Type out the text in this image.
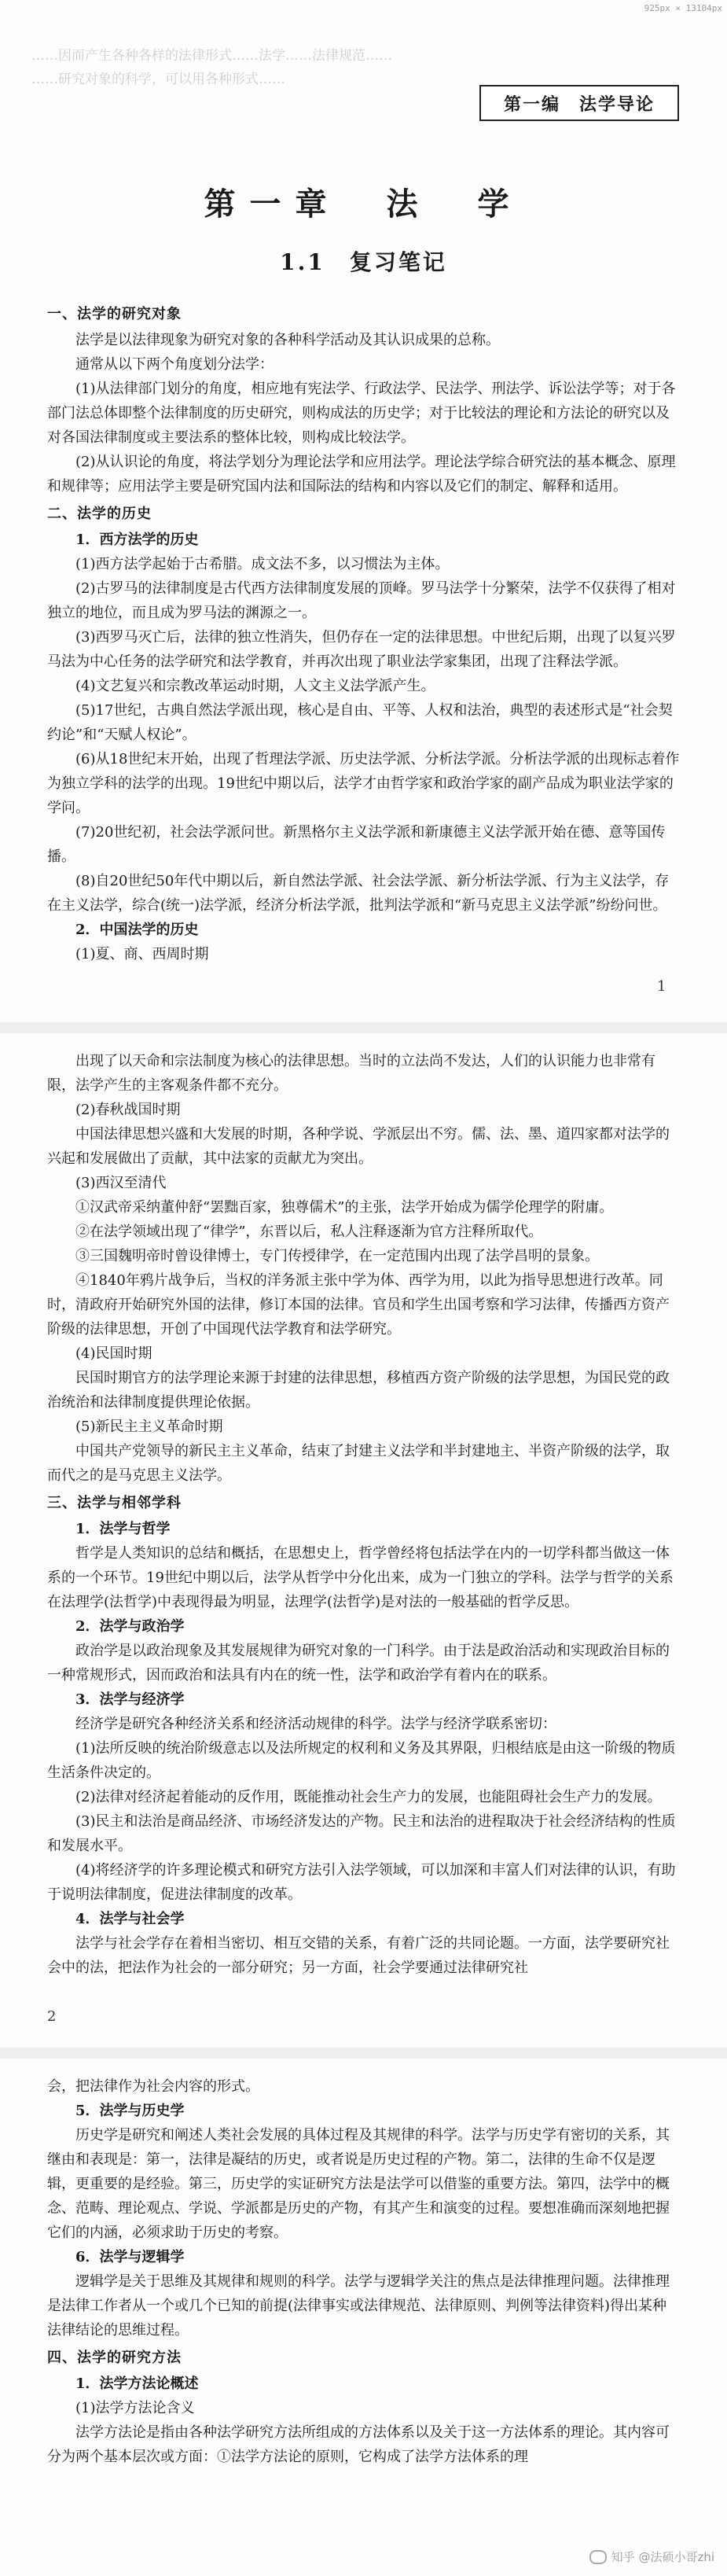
925px × 13104px
……因而产生各种各样的法律形式……法学……法律规范……
……研究对象的科学，可以用各种形式……
第一编　法学导论
第一章　法　学
1.1　复习笔记
一、法学的研究对象

法学是以法律现象为研究对象的各种科学活动及其认识成果的总称。

通常从以下两个角度划分法学：

(1)从法律部门划分的角度，相应地有宪法学、行政法学、民法学、刑法学、诉讼法学等；对于各部门法总体即整个法律制度的历史研究，则构成法的历史学；对于比较法的理论和方法论的研究以及对各国法律制度或主要法系的整体比较，则构成比较法学。

(2)从认识论的角度，将法学划分为理论法学和应用法学。理论法学综合研究法的基本概念、原理和规律等；应用法学主要是研究国内法和国际法的结构和内容以及它们的制定、解释和适用。

二、法学的历史

1．西方法学的历史

(1)西方法学起始于古希腊。成文法不多，以习惯法为主体。

(2)古罗马的法律制度是古代西方法律制度发展的顶峰。罗马法学十分繁荣，法学不仅获得了相对独立的地位，而且成为罗马法的渊源之一。

(3)西罗马灭亡后，法律的独立性消失，但仍存在一定的法律思想。中世纪后期，出现了以复兴罗马法为中心任务的法学研究和法学教育，并再次出现了职业法学家集团，出现了注释法学派。

(4)文艺复兴和宗教改革运动时期，人文主义法学派产生。

(5)17世纪，古典自然法学派出现，核心是自由、平等、人权和法治，典型的表述形式是“社会契约论”和“天赋人权论”。

(6)从18世纪末开始，出现了哲理法学派、历史法学派、分析法学派。分析法学派的出现标志着作为独立学科的法学的出现。19世纪中期以后，法学才由哲学家和政治学家的副产品成为职业法学家的学问。

(7)20世纪初，社会法学派问世。新黑格尔主义法学派和新康德主义法学派开始在德、意等国传播。

(8)自20世纪50年代中期以后，新自然法学派、社会法学派、新分析法学派、行为主义法学，存在主义法学，综合(统一)法学派，经济分析法学派，批判法学派和“新马克思主义法学派”纷纷问世。

2．中国法学的历史

(1)夏、商、西周时期

1

出现了以天命和宗法制度为核心的法律思想。当时的立法尚不发达，人们的认识能力也非常有限，法学产生的主客观条件都不充分。

(2)春秋战国时期

中国法律思想兴盛和大发展的时期，各种学说、学派层出不穷。儒、法、墨、道四家都对法学的兴起和发展做出了贡献，其中法家的贡献尤为突出。

(3)西汉至清代

①汉武帝采纳董仲舒“罢黜百家，独尊儒术”的主张，法学开始成为儒学伦理学的附庸。

②在法学领域出现了“律学”，东晋以后，私人注释逐渐为官方注释所取代。

③三国魏明帝时曾设律博士，专门传授律学，在一定范围内出现了法学昌明的景象。

④1840年鸦片战争后，当权的洋务派主张中学为体、西学为用，以此为指导思想进行改革。同时，清政府开始研究外国的法律，修订本国的法律。官员和学生出国考察和学习法律，传播西方资产阶级的法律思想，开创了中国现代法学教育和法学研究。

(4)民国时期

民国时期官方的法学理论来源于封建的法律思想，移植西方资产阶级的法学思想，为国民党的政治统治和法律制度提供理论依据。

(5)新民主主义革命时期

中国共产党领导的新民主主义革命，结束了封建主义法学和半封建地主、半资产阶级的法学，取而代之的是马克思主义法学。

三、法学与相邻学科

1．法学与哲学

哲学是人类知识的总结和概括，在思想史上，哲学曾经将包括法学在内的一切学科都当做这一体系的一个环节。19世纪中期以后，法学从哲学中分化出来，成为一门独立的学科。法学与哲学的关系在法理学(法哲学)中表现得最为明显，法理学(法哲学)是对法的一般基础的哲学反思。

2．法学与政治学

政治学是以政治现象及其发展规律为研究对象的一门科学。由于法是政治活动和实现政治目标的一种常规形式，因而政治和法具有内在的统一性，法学和政治学有着内在的联系。

3．法学与经济学

经济学是研究各种经济关系和经济活动规律的科学。法学与经济学联系密切：

(1)法所反映的统治阶级意志以及法所规定的权利和义务及其界限，归根结底是由这一阶级的物质生活条件决定的。

(2)法律对经济起着能动的反作用，既能推动社会生产力的发展，也能阻碍社会生产力的发展。

(3)民主和法治是商品经济、市场经济发达的产物。民主和法治的进程取决于社会经济结构的性质和发展水平。

(4)将经济学的许多理论模式和研究方法引入法学领域，可以加深和丰富人们对法律的认识，有助于说明法律制度，促进法律制度的改革。

4．法学与社会学

法学与社会学存在着相当密切、相互交错的关系，有着广泛的共同论题。一方面，法学要研究社会中的法，把法作为社会的一部分研究；另一方面，社会学要通过法律研究社

2

会，把法律作为社会内容的形式。

5．法学与历史学

历史学是研究和阐述人类社会发展的具体过程及其规律的科学。法学与历史学有密切的关系，其继由和表现是：第一，法律是凝结的历史，或者说是历史过程的产物。第二，法律的生命不仅是逻辑，更重要的是经验。第三，历史学的实证研究方法是法学可以借鉴的重要方法。第四，法学中的概念、范畴、理论观点、学说、学派都是历史的产物，有其产生和演变的过程。要想准确而深刻地把握它们的内涵，必须求助于历史的考察。

6．法学与逻辑学

逻辑学是关于思维及其规律和规则的科学。法学与逻辑学关注的焦点是法律推理问题。法律推理是法律工作者从一个或几个已知的前提(法律事实或法律规范、法律原则、判例等法律资料)得出某种法律结论的思维过程。

四、法学的研究方法

1．法学方法论概述

(1)法学方法论含义

法学方法论是指由各种法学研究方法所组成的方法体系以及关于这一方法体系的理论。其内容可分为两个基本层次或方面：①法学方法论的原则，它构成了法学方法体系的理

知乎 @法硕小哥zhi
